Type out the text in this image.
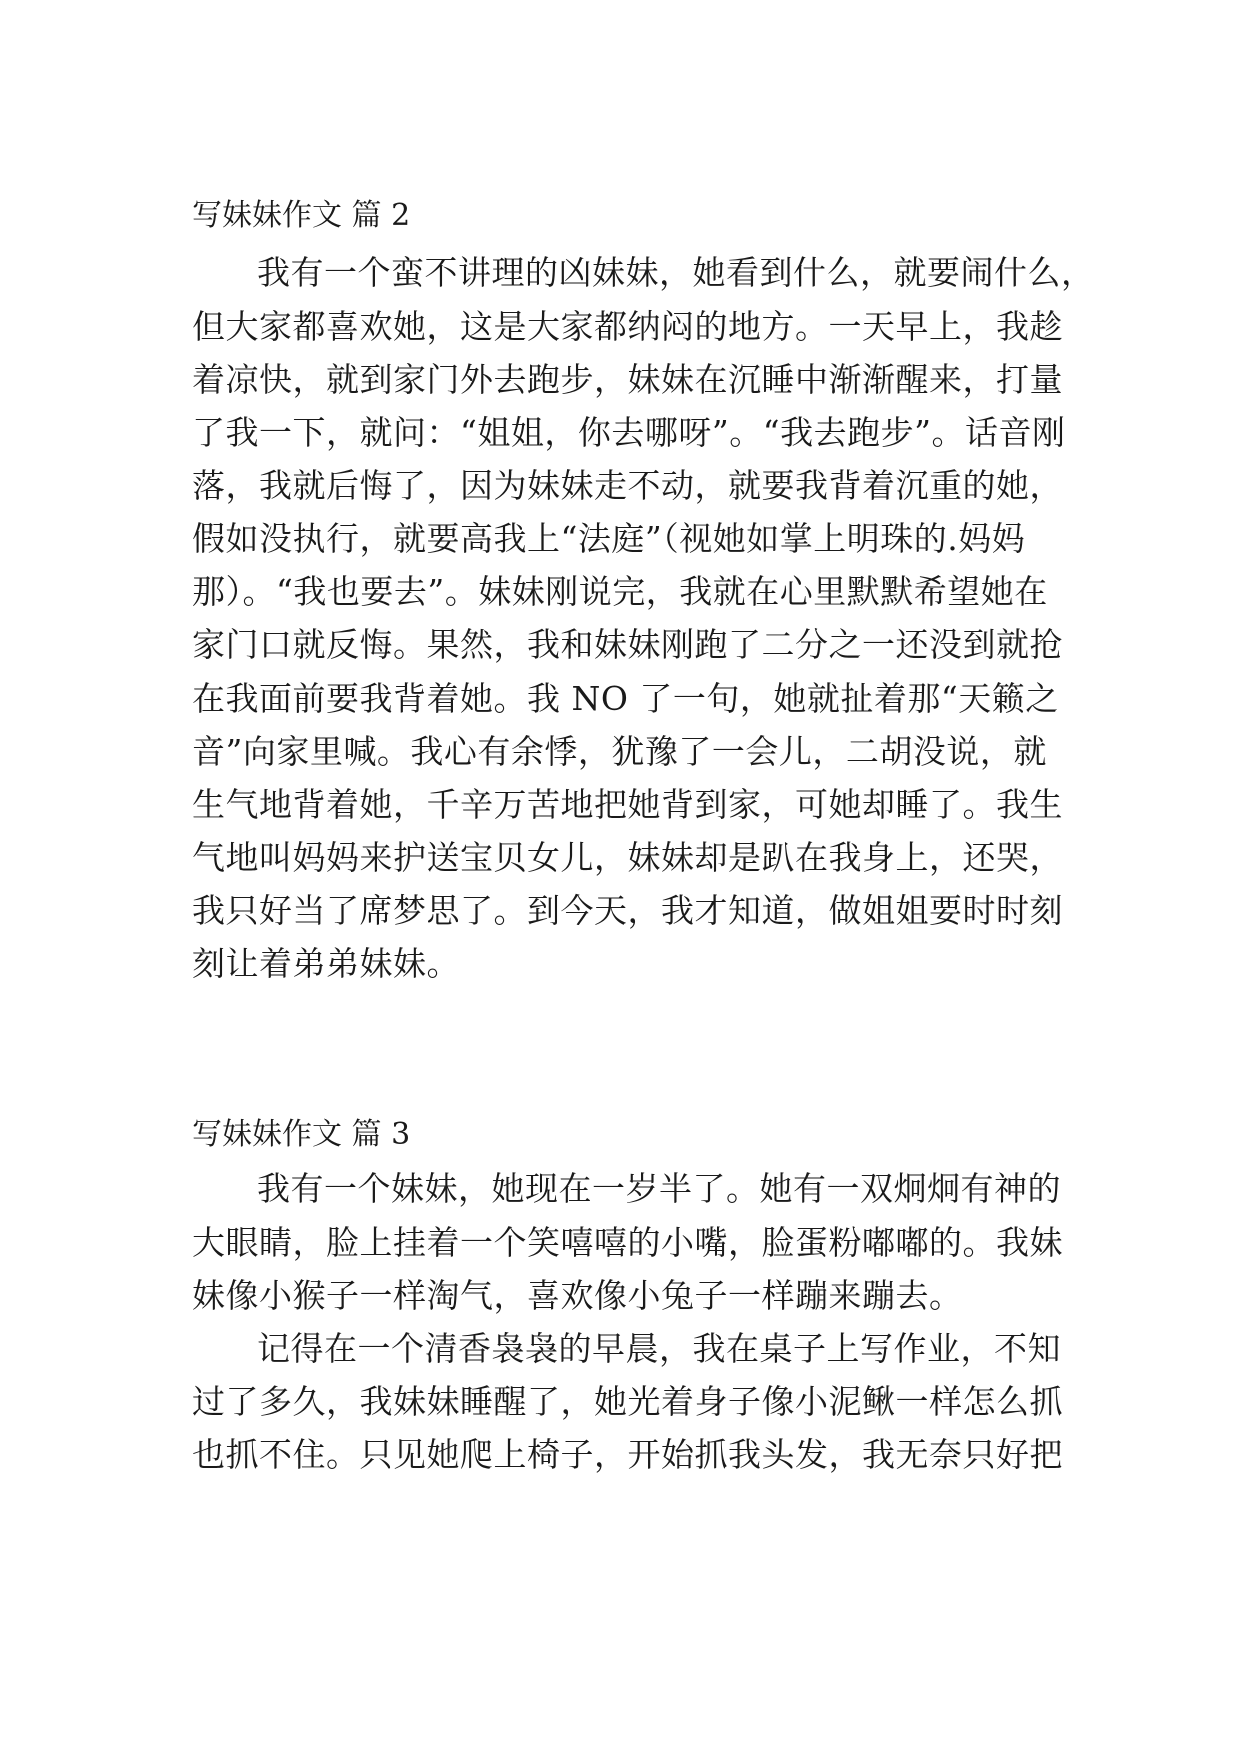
写妹妹作文 篇 2
我有一个蛮不讲理的凶妹妹，她看到什么，就要闹什么，
但大家都喜欢她，这是大家都纳闷的地方。一天早上，我趁
着凉快，就到家门外去跑步，妹妹在沉睡中渐渐醒来，打量
了我一下，就问：“姐姐，你去哪呀”。“我去跑步”。话音刚
落，我就后悔了，因为妹妹走不动，就要我背着沉重的她，
假如没执行，就要高我上“法庭”（视她如掌上明珠的.妈妈
那）。“我也要去”。妹妹刚说完，我就在心里默默希望她在
家门口就反悔。果然，我和妹妹刚跑了二分之一还没到就抢
在我面前要我背着她。我 NO 了一句，她就扯着那“天籁之
音”向家里喊。我心有余悸，犹豫了一会儿，二胡没说，就
生气地背着她，千辛万苦地把她背到家，可她却睡了。我生
气地叫妈妈来护送宝贝女儿，妹妹却是趴在我身上，还哭，
我只好当了席梦思了。到今天，我才知道，做姐姐要时时刻
刻让着弟弟妹妹。
写妹妹作文 篇 3
我有一个妹妹，她现在一岁半了。她有一双炯炯有神的
大眼睛，脸上挂着一个笑嘻嘻的小嘴，脸蛋粉嘟嘟的。我妹
妹像小猴子一样淘气，喜欢像小兔子一样蹦来蹦去。
记得在一个清香袅袅的早晨，我在桌子上写作业，不知
过了多久，我妹妹睡醒了，她光着身子像小泥鳅一样怎么抓
也抓不住。只见她爬上椅子，开始抓我头发，我无奈只好把
